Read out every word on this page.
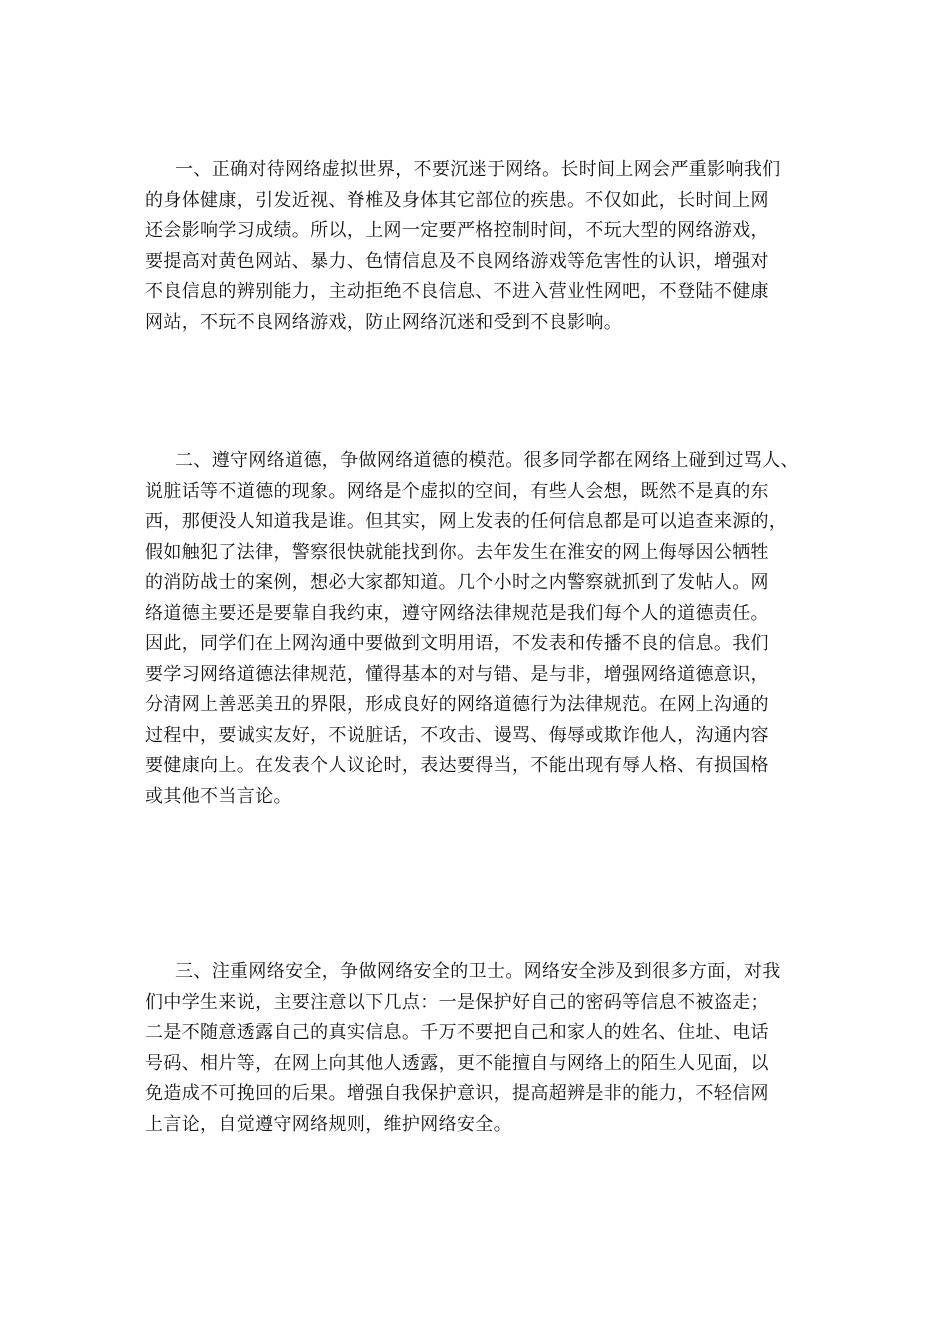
一、正确对待网络虚拟世界，不要沉迷于网络。长时间上网会严重影响我们
的身体健康，引发近视、脊椎及身体其它部位的疾患。不仅如此，长时间上网
还会影响学习成绩。所以，上网一定要严格控制时间，不玩大型的网络游戏，
要提高对黄色网站、暴力、色情信息及不良网络游戏等危害性的认识，增强对
不良信息的辨别能力，主动拒绝不良信息、不进入营业性网吧，不登陆不健康
网站，不玩不良网络游戏，防止网络沉迷和受到不良影响。
二、遵守网络道德，争做网络道德的模范。很多同学都在网络上碰到过骂人、
说脏话等不道德的现象。网络是个虚拟的空间，有些人会想，既然不是真的东
西，那便没人知道我是谁。但其实，网上发表的任何信息都是可以追查来源的，
假如触犯了法律，警察很快就能找到你。去年发生在淮安的网上侮辱因公牺牲
的消防战士的案例，想必大家都知道。几个小时之内警察就抓到了发帖人。网
络道德主要还是要靠自我约束，遵守网络法律规范是我们每个人的道德责任。
因此，同学们在上网沟通中要做到文明用语，不发表和传播不良的信息。我们
要学习网络道德法律规范，懂得基本的对与错、是与非，增强网络道德意识，
分清网上善恶美丑的界限，形成良好的网络道德行为法律规范。在网上沟通的
过程中，要诚实友好，不说脏话，不攻击、谩骂、侮辱或欺诈他人，沟通内容
要健康向上。在发表个人议论时，表达要得当，不能出现有辱人格、有损国格
或其他不当言论。
三、注重网络安全，争做网络安全的卫士。网络安全涉及到很多方面，对我
们中学生来说，主要注意以下几点：一是保护好自己的密码等信息不被盗走；
二是不随意透露自己的真实信息。千万不要把自己和家人的姓名、住址、电话
号码、相片等，在网上向其他人透露，更不能擅自与网络上的陌生人见面，以
免造成不可挽回的后果。增强自我保护意识，提高超辨是非的能力，不轻信网
上言论，自觉遵守网络规则，维护网络安全。
